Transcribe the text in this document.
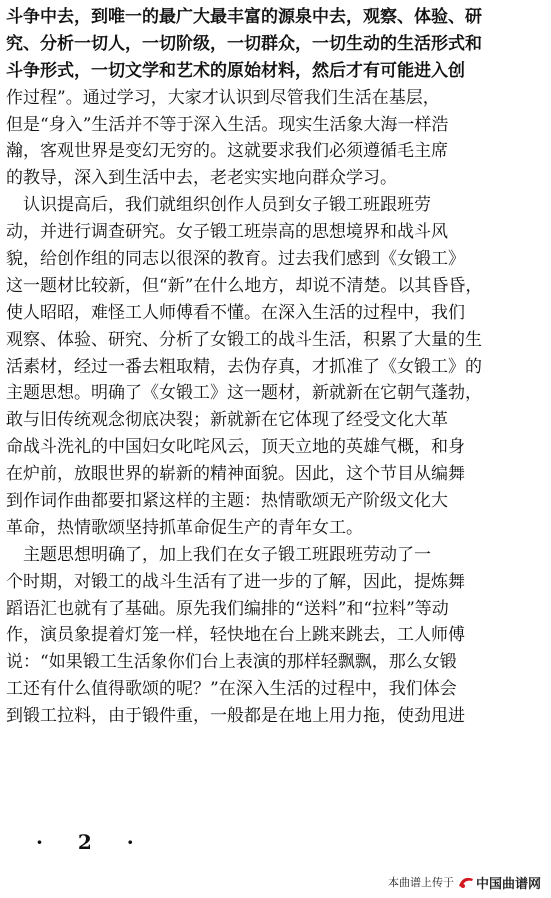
斗争中去，到唯一的最广大最丰富的源泉中去，观察、体验、研
究、分析一切人，一切阶级，一切群众，一切生动的生活形式和
斗争形式，一切文学和艺术的原始材料，然后才有可能进入创
作过程”。通过学习，大家才认识到尽管我们生活在基层，
但是“身入”生活并不等于深入生活。现实生活象大海一样浩
瀚，客观世界是变幻无穷的。这就要求我们必须遵循毛主席
的教导，深入到生活中去，老老实实地向群众学习。
　认识提高后，我们就组织创作人员到女子锻工班跟班劳
动，并进行调查研究。女子锻工班崇高的思想境界和战斗风
貌，给创作组的同志以很深的教育。过去我们感到《女锻工》
这一题材比较新，但“新”在什么地方，却说不清楚。以其昏昏，
使人昭昭，难怪工人师傅看不懂。在深入生活的过程中，我们
观察、体验、研究、分析了女锻工的战斗生活，积累了大量的生
活素材，经过一番去粗取精，去伪存真，才抓准了《女锻工》的
主题思想。明确了《女锻工》这一题材，新就新在它朝气蓬勃，
敢与旧传统观念彻底决裂；新就新在它体现了经受文化大革
命战斗洗礼的中国妇女叱咤风云，顶天立地的英雄气概，和身
在炉前，放眼世界的崭新的精神面貌。因此，这个节目从编舞
到作词作曲都要扣紧这样的主题：热情歌颂无产阶级文化大
革命，热情歌颂坚持抓革命促生产的青年女工。
　主题思想明确了，加上我们在女子锻工班跟班劳动了一
个时期，对锻工的战斗生活有了进一步的了解，因此，提炼舞
蹈语汇也就有了基础。原先我们编排的“送料”和“拉料”等动
作，演员象提着灯笼一样，轻快地在台上跳来跳去，工人师傅
说：“如果锻工生活象你们台上表演的那样轻飘飘，那么女锻
工还有什么值得歌颂的呢？”在深入生活的过程中，我们体会
到锻工拉料，由于锻件重，一般都是在地上用力拖，使劲甩进
· 2 ·
本曲谱上传于 中国曲谱网
